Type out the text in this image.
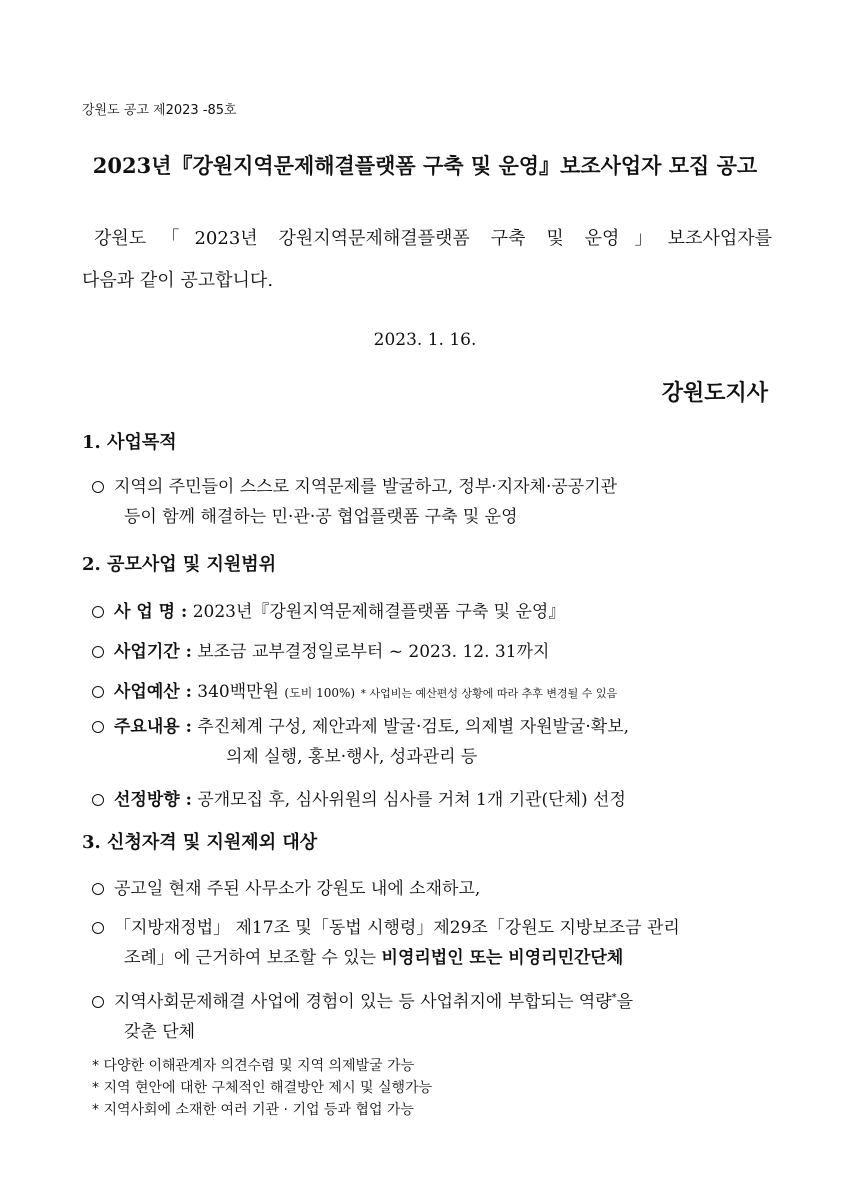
강원도 공고 제2023 -85호
2023년『강원지역문제해결플랫폼 구축 및 운영』보조사업자 모집 공고
강원도「2023년 강원지역문제해결플랫폼 구축 및 운영」보조사업자를
다음과 같이 공고합니다.
2023. 1. 16.
강원도지사
1. 사업목적
지역의 주민들이 스스로 지역문제를 발굴하고, 정부·지자체·공공기관
등이 함께 해결하는 민·관·공 협업플랫폼 구축 및 운영
2. 공모사업 및 지원범위
사 업 명 : 2023년『강원지역문제해결플랫폼 구축 및 운영』
사업기간 : 보조금 교부결정일로부터 ~ 2023. 12. 31까지
사업예산 : 340백만원 (도비 100%) * 사업비는 예산편성 상황에 따라 추후 변경될 수 있음
주요내용 : 추진체계 구성, 제안과제 발굴·검토, 의제별 자원발굴·확보,
의제 실행, 홍보·행사, 성과관리 등
선정방향 : 공개모집 후, 심사위원의 심사를 거쳐 1개 기관(단체) 선정
3. 신청자격 및 지원제외 대상
공고일 현재 주된 사무소가 강원도 내에 소재하고,
「지방재정법」 제17조 및「동법 시행령」제29조「강원도 지방보조금 관리
조례」에 근거하여 보조할 수 있는 비영리법인 또는 비영리민간단체
지역사회문제해결 사업에 경험이 있는 등 사업취지에 부합되는 역량*을
갖춘 단체
* 다양한 이해관계자 의견수렴 및 지역 의제발굴 가능
* 지역 현안에 대한 구체적인 해결방안 제시 및 실행가능
* 지역사회에 소재한 여러 기관 · 기업 등과 협업 가능
